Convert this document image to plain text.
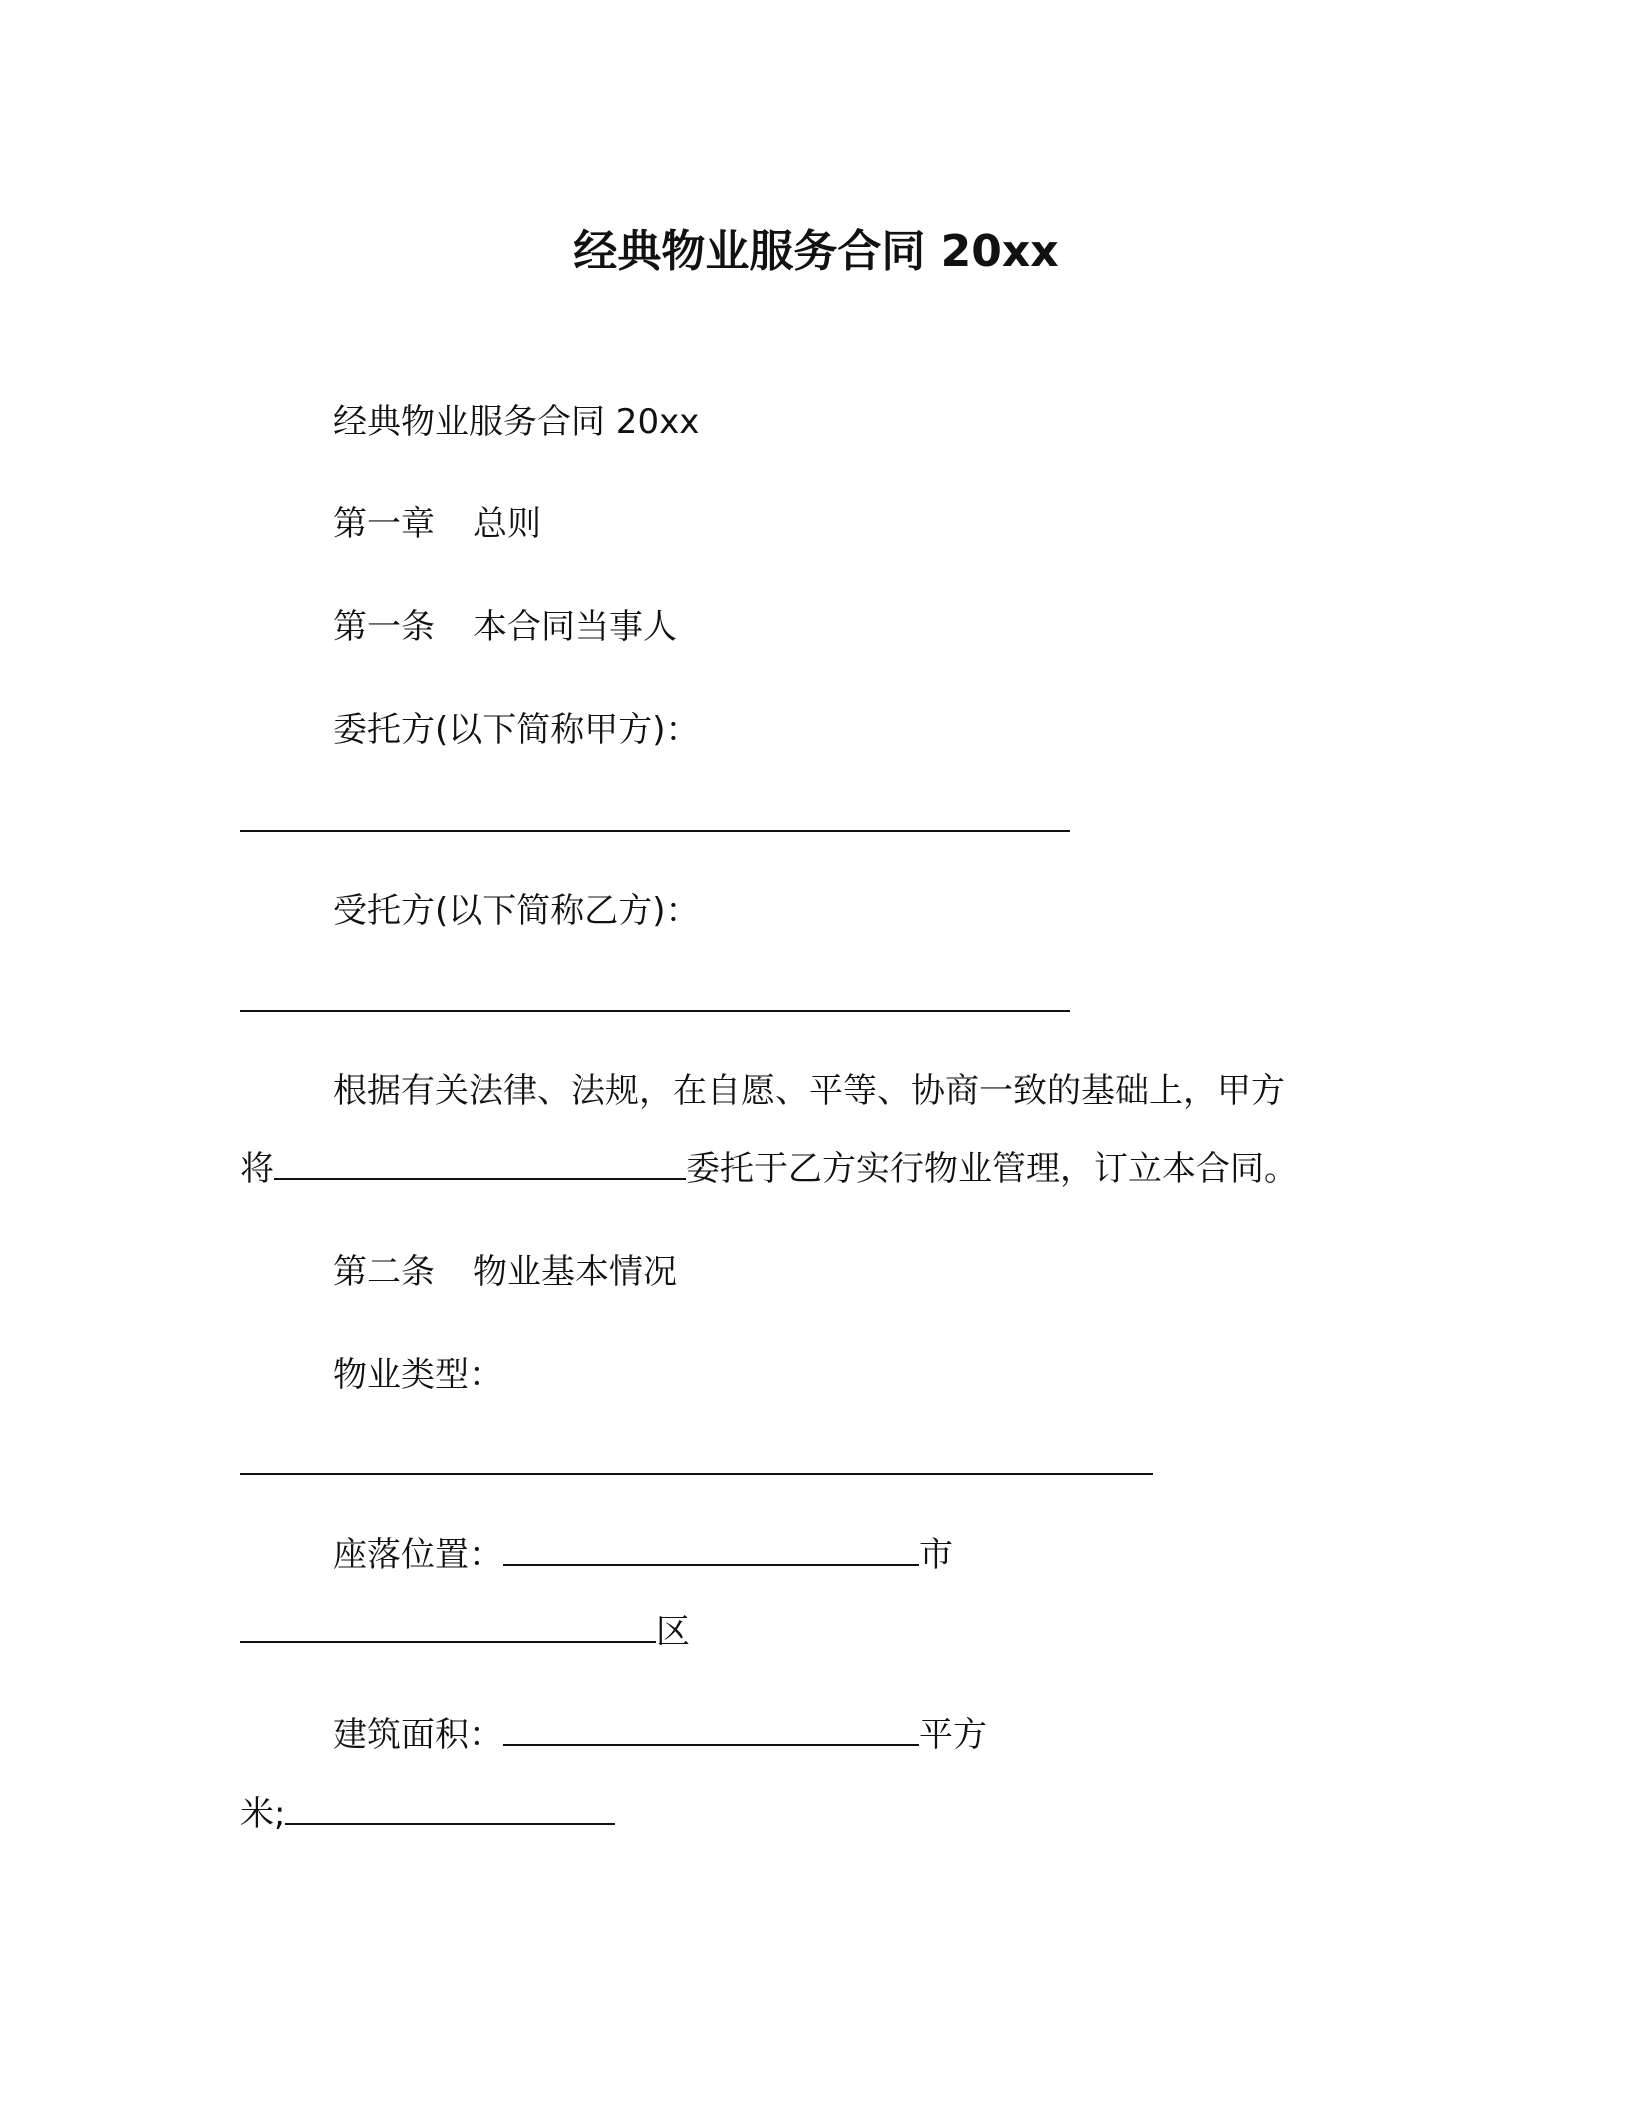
经典物业服务合同 20xx
经典物业服务合同 20xx
第一章 总则
第一条 本合同当事人
委托方(以下简称甲方)：
受托方(以下简称乙方)：
根据有关法律、法规，在自愿、平等、协商一致的基础上，甲方
将	委托于乙方实行物业管理，订立本合同。
第二条 物业基本情况
物业类型：
座落位置：	市
区
建筑面积：	平方
米;
